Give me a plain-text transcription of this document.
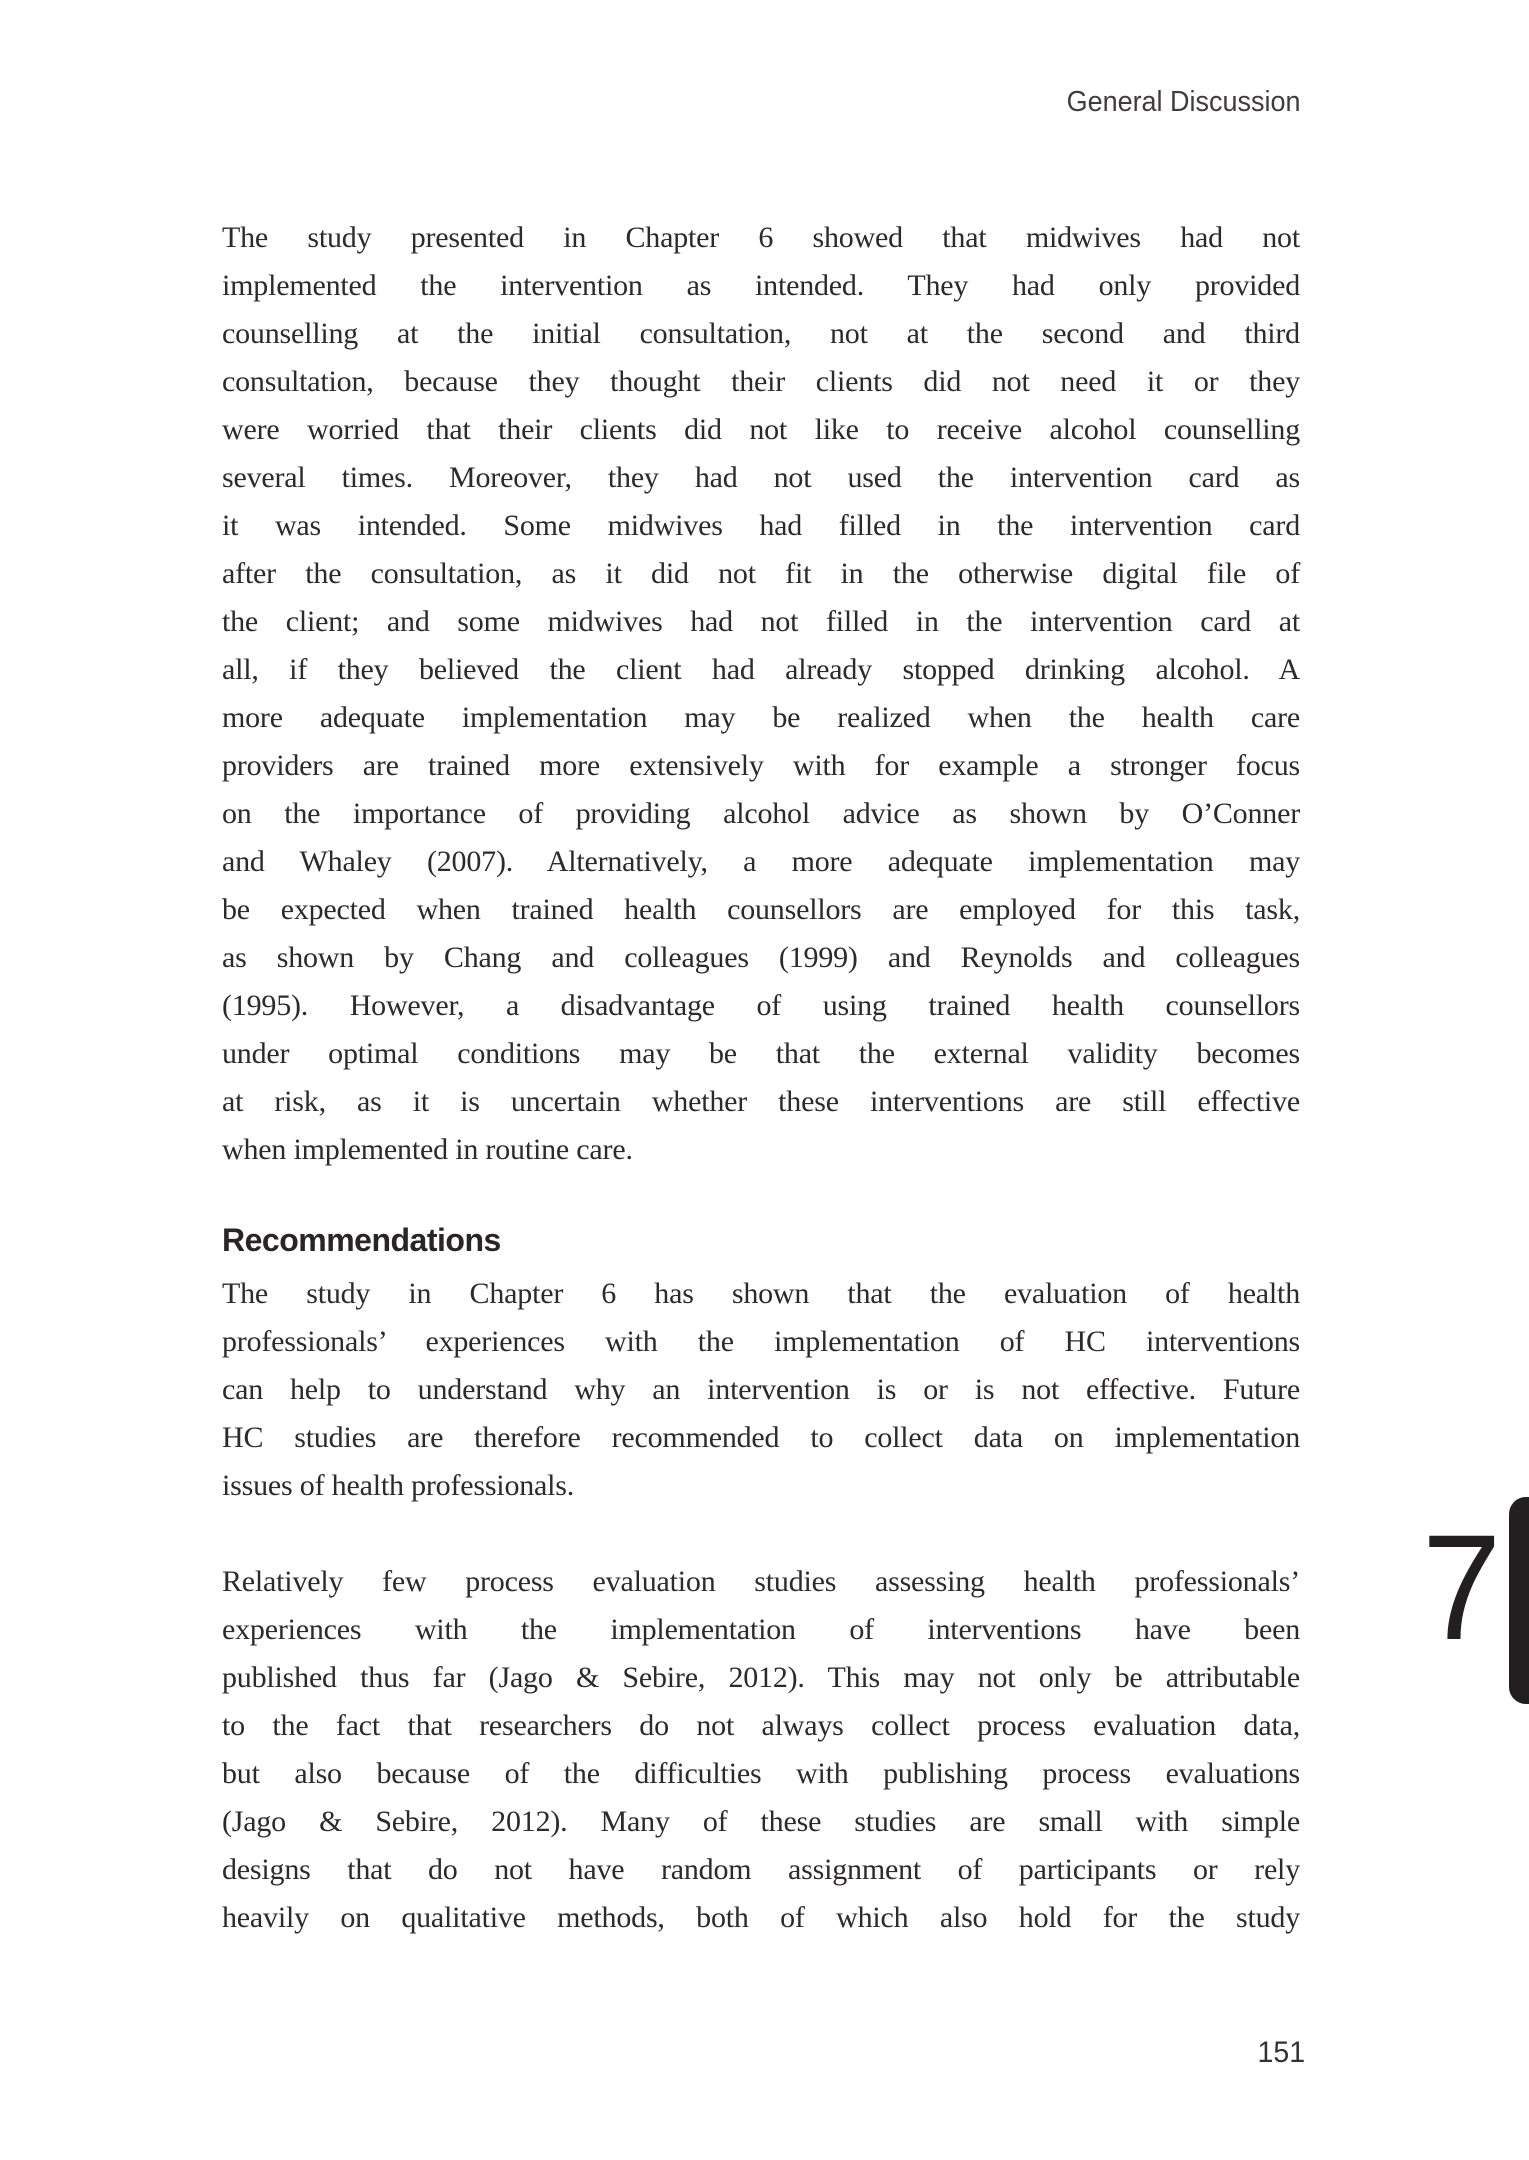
General Discussion
The study presented in Chapter 6 showed that midwives had not
implemented the intervention as intended. They had only provided
counselling at the initial consultation, not at the second and third
consultation, because they thought their clients did not need it or they
were worried that their clients did not like to receive alcohol counselling
several times. Moreover, they had not used the intervention card as
it was intended. Some midwives had filled in the intervention card
after the consultation, as it did not fit in the otherwise digital file of
the client; and some midwives had not filled in the intervention card at
all, if they believed the client had already stopped drinking alcohol. A
more adequate implementation may be realized when the health care
providers are trained more extensively with for example a stronger focus
on the importance of providing alcohol advice as shown by O’Conner
and Whaley (2007). Alternatively, a more adequate implementation may
be expected when trained health counsellors are employed for this task,
as shown by Chang and colleagues (1999) and Reynolds and colleagues
(1995). However, a disadvantage of using trained health counsellors
under optimal conditions may be that the external validity becomes
at risk, as it is uncertain whether these interventions are still effective
when implemented in routine care.
Recommendations
The study in Chapter 6 has shown that the evaluation of health
professionals’ experiences with the implementation of HC interventions
can help to understand why an intervention is or is not effective. Future
HC studies are therefore recommended to collect data on implementation
issues of health professionals.
Relatively few process evaluation studies assessing health professionals’
experiences with the implementation of interventions have been
published thus far (Jago & Sebire, 2012). This may not only be attributable
to the fact that researchers do not always collect process evaluation data,
but also because of the difficulties with publishing process evaluations
(Jago & Sebire, 2012). Many of these studies are small with simple
designs that do not have random assignment of participants or rely
heavily on qualitative methods, both of which also hold for the study
7
151
